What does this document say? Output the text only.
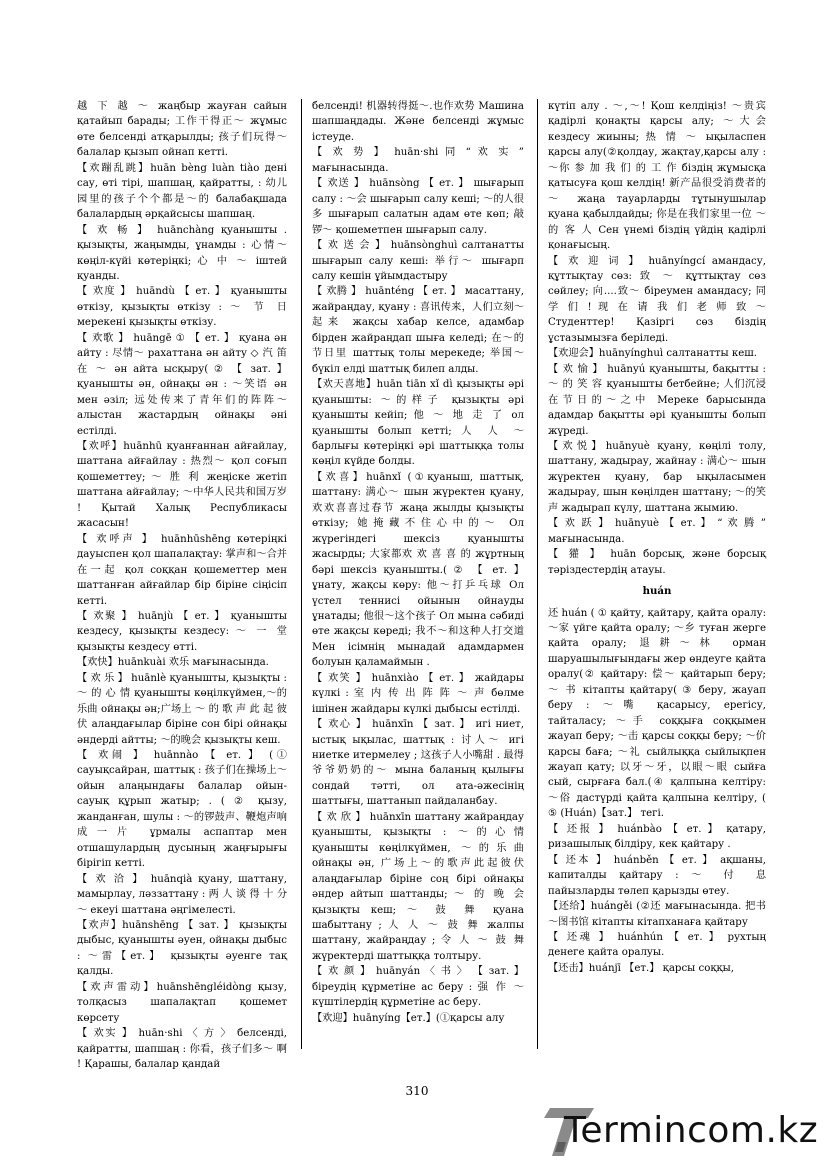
越 下 越 ～ жаңбыр жауған сайын қатайып барады; 工作干得正～ жұмыс өте белсенді атқарылды; 孩子们玩得～ балалар қызып ойнап кетті.

【欢蹦乱跳】huān bèng luàn tiào дені сау, өті тірі, шапшаң, қайратты, : 幼儿园里的孩子个个都是～的 балабақшада балалардың әрқайсысы шапшаң.

【 欢 畅 】 huānchàng қуанышты . қызықты, жаңымды, ұнамды : 心情～ көңіл-күйі көтеріңкі; 心 中 ～ іштей қуанды.

【 欢度 】 huāndù 【 ет. 】 қуанышты өткізу, қызықты өткізу : ～ 节 日 мерекені қызықты өткізу.

【 欢歌 】 huāngē ① 【 ет. 】 қуана ән айту : 尽情～ рахаттана ән айту ◇ 汽 笛 在 ～ ән айта ысқыру( ② 【 зат. 】 қуанышты ән, ойнақы ән : ～笑语 ән мен әзіл; 远处传来了青年们的阵阵～ алыстан жастардың ойнақы әні естілді.

【欢呼】huānhū қуанғаннан айғайлау, шаттана айғайлау : 热烈～ қол соғып қошеметтеу; ～ 胜 利 жеңіске жетіп шаттана айғайлау; ～中华人民共和国万岁 ! Қытай Халық Республикасы жасасын!

【 欢呼声 】 huānhūshēng көтеріңкі дауыспен қол шапалақтау: 掌声和～合并在一起 қол соққан қошеметтер мен шаттанған айғайлар бір біріне сіңісіп кетті.

【 欢聚 】 huānjù 【 ет. 】 қуанышты кездесу, қызықты кездесу: ～ 一 堂 қызықты кездесу өтті.

【欢快】huānkuài 欢乐 мағынасында.

【 欢 乐 】 huānlè қуанышты, қызықты : ～ 的 心 情 қуанышты көңілкүймен,～的乐曲 ойнақы ән;广场上 ～ 的 歌 声 此 起 彼 伏 алаңдағылар біріне сон бірі ойнақы әндерді айтты; ～的晚会 қызықты кеш.

【 欢闹 】 huānnào 【 ет. 】 (① сауықсайран, шаттық : 孩子们在操场上～ ойын алаңындағы балалар ойын-сауық құрып жатыр; . ( ② қызу, жанданған, шулы : ～的锣鼓声、鞭炮声响成一片 ұрмалы аспаптар мен отшашулардың дусының жаңғырығы бірігіп кетті.

【 欢 洽 】 huānqià қуану, шаттану, мамырлау, ләззаттану : 两 人 谈 得 十 分～ екеуі шаттана әңгімелесті.

【欢声】huānshēng 【 зат. 】 қызықты дыбыс, қуанышты әуен, ойнақы дыбыс : ～雷【ет.】 қызықты әуенге тақ қалды.

【欢声雷动】huānshēngléidòng қызу, толқасыз шапалақтап қошемет көрсету

【 欢实 】 huān·shi 〈 方 〉 белсенді, қайратты, шапшаң : 你看，孩子们多～ 啊 ! Қарашы, балалар қандай

белсенді! 机器转得挺～.也作欢势 Машина шапшаңдады. Және белсенді жұмыс істеуде.

【 欢 势 】 huān·shi 同 “ 欢 实 ” мағынасында.

【 欢送 】 huānsòng 【 ет. 】 шығарып салу : ～会 шығарып салу кеші; ～的人很多 шығарып салатын адам өте көп; 敲锣～ қошеметпен шығарып салу.

【 欢 送 会 】 huānsònghuì салтанатты шығарып салу кеші: 举行～ шығарп салу кешін ұйымдастыру

【 欢腾 】 huānténg 【 ет. 】 масаттану, жайраңдау, қуану : 喜讯传来，人们立刻～起来 жақсы хабар келсе, адамбар бірден жайраңдап шыға келеді; 在～的节日里 шаттық толы мерекеде; 举国～ бүкіл елді шаттық билеп алды.

【欢天喜地】huān tiān xǐ dì қызықты әрі қуанышты: ～的样子 қызықты әрі қуанышты кейіп; 他 ～ 地 走 了 ол қуанышты болып кетті; 人 人 ～ барлығы көтеріңкі әрі шаттыққа толы көңіл күйде болды.

【欢喜】huānxǐ (①қуаныш, шаттық, шаттану: 满心～ шын жүректен қуану, 欢欢喜喜过春节 жаңа жылды қызықты өткізу; 她掩藏不住心中的～ Ол жүрегіндегі шексіз қуанышты жасырды; 大家都欢 欢 喜 喜 的 жұртның бәрі шексіз қуанышты.( ② 【 ет. 】 ұнату, жақсы көру: 他～打乒乓球 Ол үстел теннисі ойынын ойнауды ұнатады; 他很～这个孩子 Ол мына сәбиді өте жақсы көреді; 我不～和这种人打交道 Мен ісімнің мынадай адамдармен болуын қаламаймын .

【 欢笑 】 huānxiào 【 ет. 】 жайдары күлкі : 室 内 传 出 阵 阵 ～ 声 бөлме ішінен жайдары күлкі дыбысы естілді.

【 欢心 】 huānxīn 【 зат. 】 игі ниет, ыстық ықылас, шаттық : 讨人～ игі ниетке итермелеу ; 这孩子人小嘴甜 . 最得爷爷奶奶的～ мына баланың қылығы сондай тәтті, ол ата-әжесінің шаттығы, шаттанып пайдаланбау.

【 欢 欣 】 huānxīn шаттану жайраңдау қуанышты, қызықты : ～的心情 қуанышты көңілкүймен, ～的乐曲 ойнақы ән, 广场上～的歌声此起彼伏 алаңдағылар біріне соң бірі ойнақы әндер айтып шаттанды; ～ 的 晚 会 қызықты кеш; ～ 鼓 舞 қуана шабыттану ; 人 人 ～ 鼓 舞 жалпы шаттану, жайраңдау ; 令 人 ～ 鼓 舞 жүректерді шаттыққа толтыру.

【 欢 颜 】 huānyán 〈 书 〉 【 зат. 】 біреудің құрметіне ас беру : 强 作 ～ күштілердің құрметіне ас беру.

【欢迎】huānyíng【ет.】(①қарсы алу

күтіп алу . ～,～! Қош келдіңіз! ～贵宾 қадірлі қонақты қарсы алу; ～大会 кездесу жиыны; 热 情 ～ ықыласпен қарсы алу(②қолдау, жақтау,қарсы алу : ～你 参 加 我 们 的 工 作 біздің жұмысқа қатысуға қош келдің! 新产品很受消费者的～ жаңа тауарларды тұтынушылар қуана қабылдайды; 你是在我们家里一位 ～ 的 客 人 Сен үнемі біздің үйдің қадірлі қонағысың.

【 欢 迎 词 】 huānyíngcí амандасу, құттықтау сөз: 致 ～ құттықтау сөз сөйлеу; 向....致～ біреумен амандасу; 同 学 们 ! 现 在 请 我 们 老 师 致 ～ Студенттер! Қазіргі сөз біздің ұстазымызға беріледі.

【欢迎会】huānyínghuì салтанатты кеш.

【 欢 愉 】 huānyú қуанышты, бақытты : ～ 的 笑 容 қуанышты бетбейне; 人们沉浸在节日的～之中 Мереке барысында адамдар бақытты әрі қуанышты болып жүреді.

【欢悦】huānyuè қуану, көңілі толу, шаттану, жадырау, жайнау : 满心～ шын жүректен қуану, бар ықыласымен жадырау, шын көңілден шаттану; ～的笑声 жадырап күлу, шаттана жымию.

【 欢 跃 】 huānyuè 【 ет. 】 “ 欢 腾 ” мағынасында.

【 獾 】 huān борсық, және борсық тәріздестердің атауы.

huán

还 huán ( ① қайту, қайтару, қайта оралу: ～家 үйге қайта оралу; ～乡 туған жерге қайта оралу; 退耕～林 орман шаруашылығындағы жер өндеуге қайта оралу(② қайтару: 偿～ қайтарып беру; ～ 书 кітапты қайтару( ③ беру, жауап беру : ～嘴 қасарысу, ерегісу, тайталасу; ～手 соққыға соққымен жауап беру; ～击 қарсы соққы беру; ～价 қарсы баға; ～礼 сыйлыққа сыйлықпен жауап қату; 以牙～牙，以眼～眼 сыйға сый, сырғаға бал.(④ қалпына келтіру: ～俗 дастүрді қайта қалпына келтіру, ( ⑤ (Huán)【зат.】 тегі.

【 还报 】 huánbào 【 ет. 】 қатару, ризашылық білдіру, кек қайтару .

【 还本 】 huánběn 【 ет. 】 ақшаны, капиталды қайтару : ～ 付 息 пайызларды төлеп қарызды өтеу.

【还给】huángěi (②还 мағынасында. 把书～图书馆 кітапты кітапханаға қайтару

【 还魂 】 huánhún 【 ет. 】 рухтың денеге қайта оралуы.

【还击】huánjī 【ет.】 қарсы соққы,

310
Termincom.kz
